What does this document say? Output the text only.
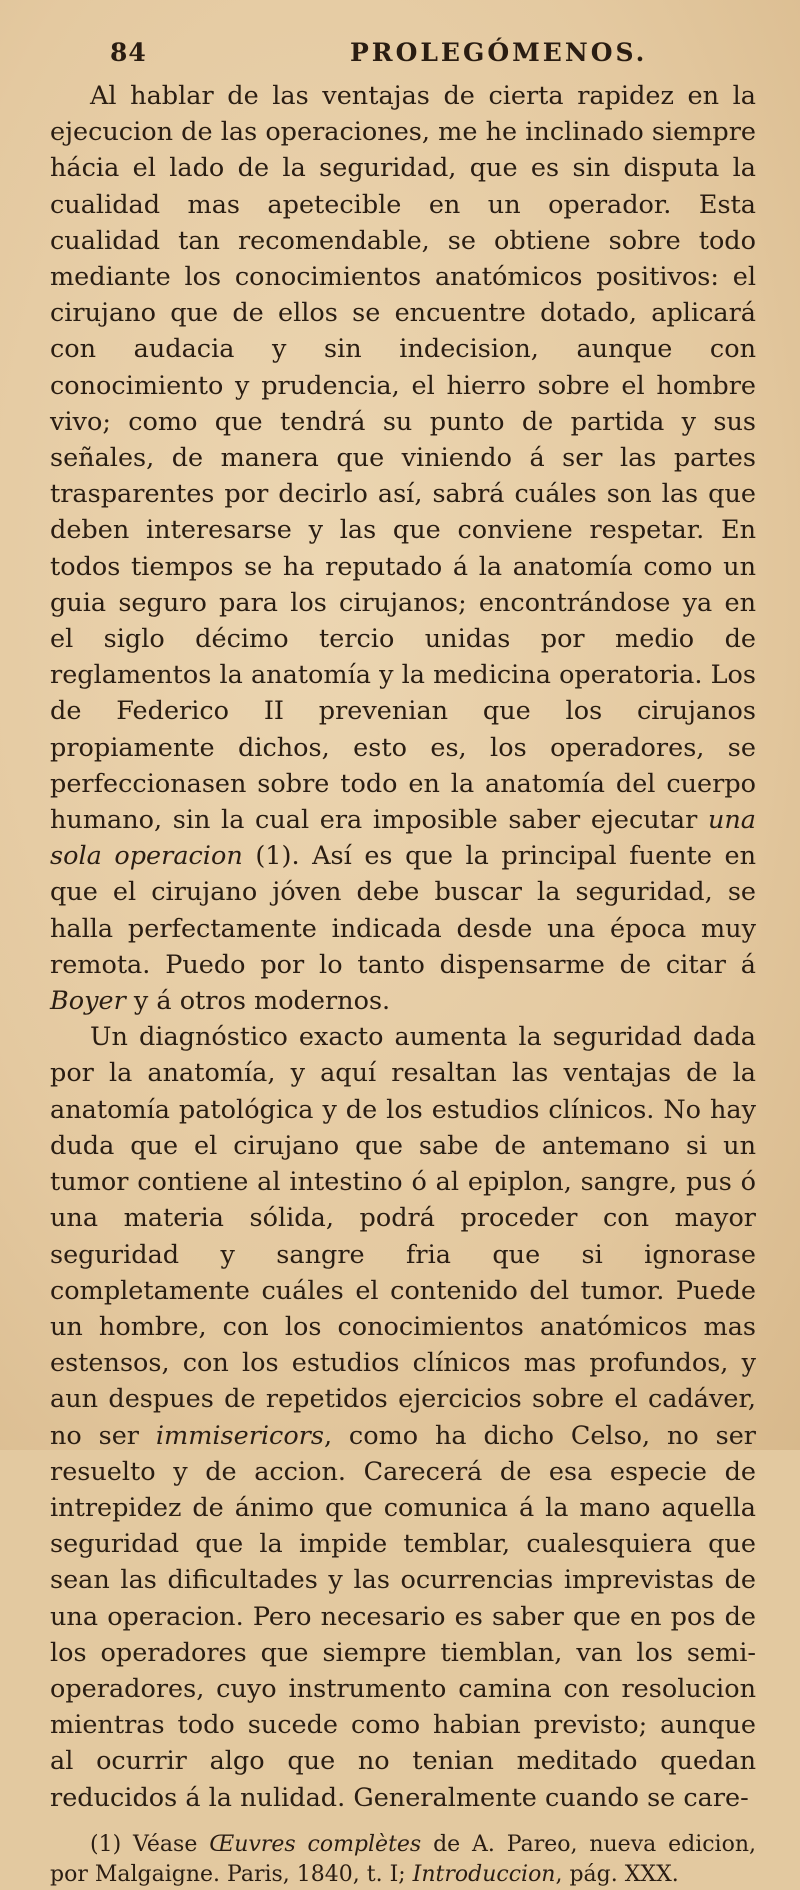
84	PROLEGÓMENOS.

Al hablar de las ventajas de cierta rapidez en la ejecucion de las operaciones, me he inclinado siempre hácia el lado de la seguridad, que es sin disputa la cualidad mas apetecible en un operador. Esta cualidad tan recomendable, se obtiene sobre todo mediante los conocimientos anatómicos positivos: el cirujano que de ellos se encuentre dotado, aplicará con audacia y sin indecision, aunque con conocimiento y prudencia, el hierro sobre el hombre vivo; como que tendrá su punto de partida y sus señales, de manera que viniendo á ser las partes trasparentes por decirlo así, sabrá cuáles son las que deben interesarse y las que conviene respetar. En todos tiempos se ha reputado á la anatomía como un guia seguro para los cirujanos; encontrándose ya en el siglo décimo tercio unidas por medio de reglamentos la anatomía y la medicina operatoria. Los de Federico II prevenian que los cirujanos propiamente dichos, esto es, los operadores, se perfeccionasen sobre todo en la anatomía del cuerpo humano, sin la cual era imposible saber ejecutar una sola operacion (1). Así es que la principal fuente en que el cirujano jóven debe buscar la seguridad, se halla perfectamente indicada desde una época muy remota. Puedo por lo tanto dispensarme de citar á Boyer y á otros modernos.

Un diagnóstico exacto aumenta la seguridad dada por la anatomía, y aquí resaltan las ventajas de la anatomía patológica y de los estudios clínicos. No hay duda que el cirujano que sabe de antemano si un tumor contiene al intestino ó al epiplon, sangre, pus ó una materia sólida, podrá proceder con mayor seguridad y sangre fria que si ignorase completamente cuáles el contenido del tumor. Puede un hombre, con los conocimientos anatómicos mas estensos, con los estudios clínicos mas profundos, y aun despues de repetidos ejercicios sobre el cadáver, no ser immisericors, como ha dicho Celso, no ser resuelto y de accion. Carecerá de esa especie de intrepidez de ánimo que comunica á la mano aquella seguridad que la impide temblar, cualesquiera que sean las dificultades y las ocurrencias imprevistas de una operacion. Pero necesario es saber que en pos de los operadores que siempre tiemblan, van los semi-operadores, cuyo instrumento camina con resolucion mientras todo sucede como habian previsto; aunque al ocurrir algo que no tenian meditado quedan reducidos á la nulidad. Generalmente cuando se care-

(1) Véase Œuvres complètes de A. Pareo, nueva edicion, por Malgaigne. Paris, 1840, t. I; Introduccion, pág. XXX.
